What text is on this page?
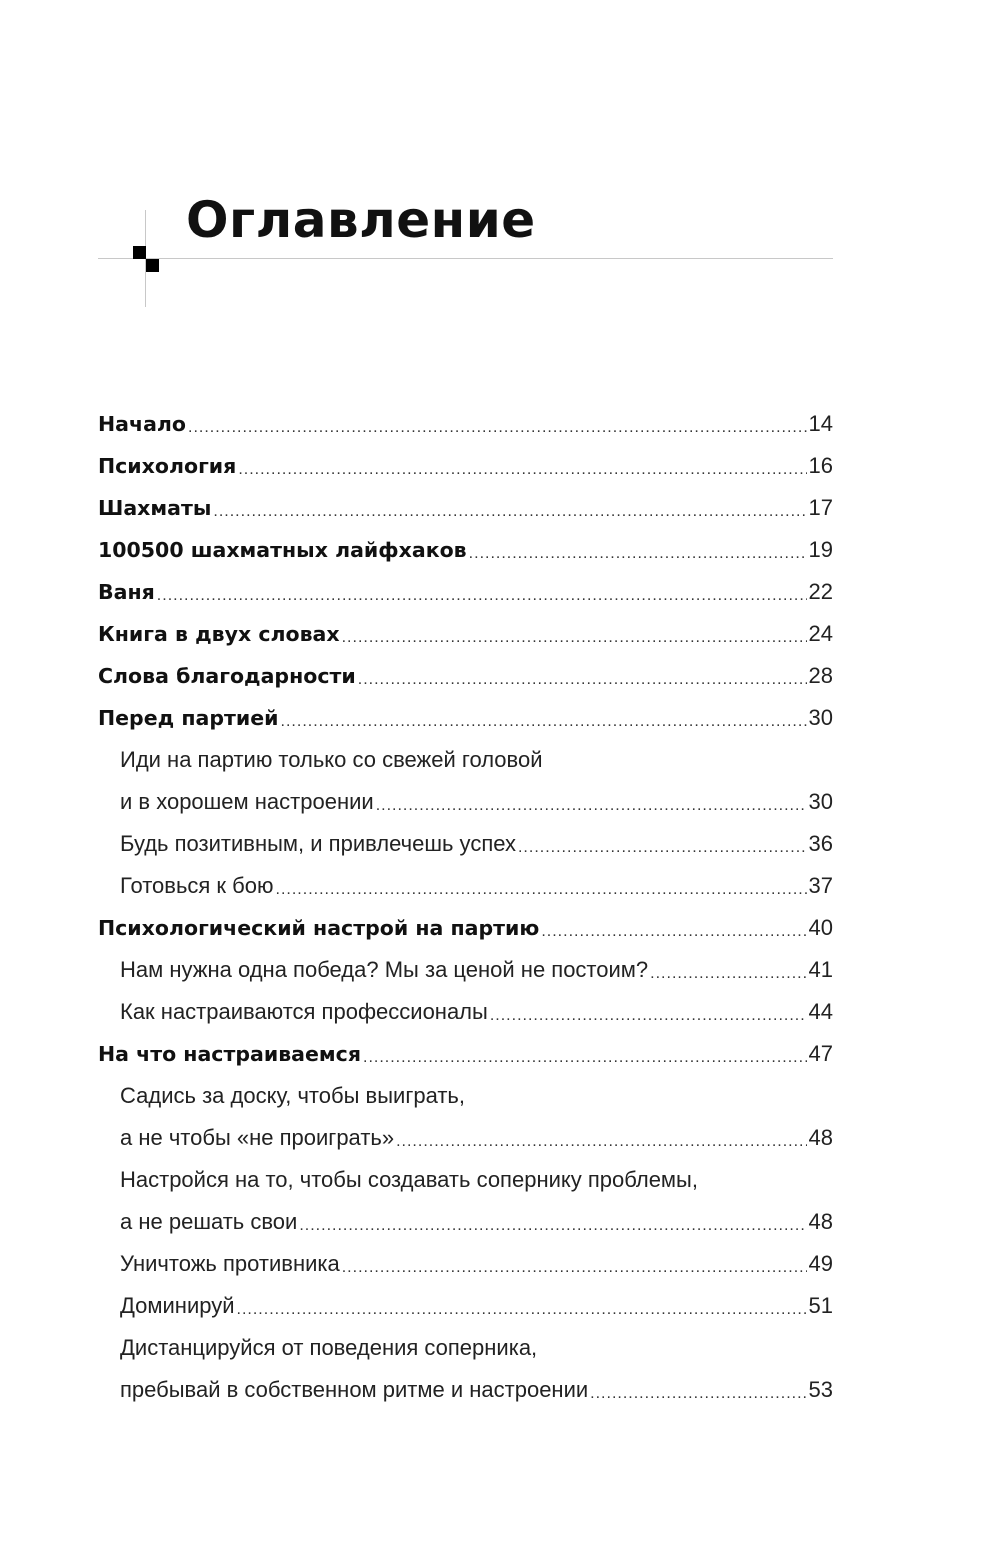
Оглавление
Начало .....	14
Психология .....	16
Шахматы .....	17
100500 шахматных лайфхаков .....	19
Ваня .....	22
Книга в двух словах .....	24
Слова благодарности .....	28
Перед партией .....	30
Иди на партию только со свежей головой
и в хорошем настроении .....	30
Будь позитивным, и привлечешь успех .....	36
Готовься к бою .....	37
Психологический настрой на партию .....	40
Нам нужна одна победа? Мы за ценой не постоим? .....	41
Как настраиваются профессионалы .....	44
На что настраиваемся .....	47
Садись за доску, чтобы выиграть,
а не чтобы «не проиграть» .....	48
Настройся на то, чтобы создавать сопернику проблемы,
а не решать свои .....	48
Уничтожь противника .....	49
Доминируй .....	51
Дистанцируйся от поведения соперника,
пребывай в собственном ритме и настроении .....	53
